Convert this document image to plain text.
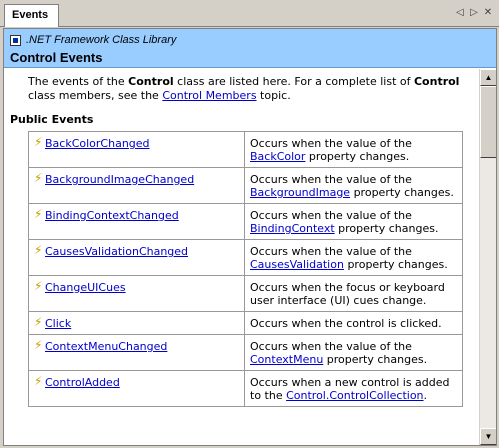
Events	◁ ▷ ✕
.NET Framework Class Library
Control Events
The events of the Control class are listed here. For a complete list of Control class members, see the Control Members topic.
Public Events
⚡ BackColorChanged	Occurs when the value of the BackColor property changes.
⚡ BackgroundImageChanged	Occurs when the value of the BackgroundImage property changes.
⚡ BindingContextChanged	Occurs when the value of the BindingContext property changes.
⚡ CausesValidationChanged	Occurs when the value of the CausesValidation property changes.
⚡ ChangeUICues	Occurs when the focus or keyboard user interface (UI) cues change.
⚡ Click	Occurs when the control is clicked.
⚡ ContextMenuChanged	Occurs when the value of the ContextMenu property changes.
⚡ ControlAdded	Occurs when a new control is added to the Control.ControlCollection.
▲
▼
